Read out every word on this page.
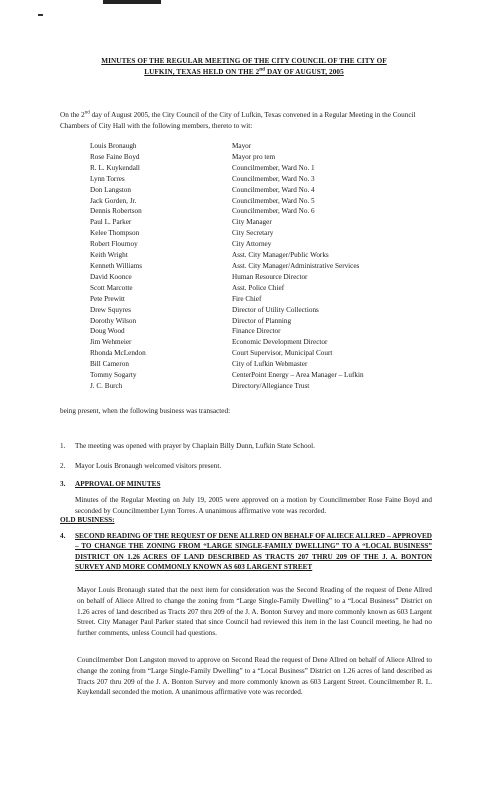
MINUTES OF THE REGULAR MEETING OF THE CITY COUNCIL OF THE CITY OF
LUFKIN, TEXAS HELD ON THE 2nd DAY OF AUGUST, 2005
On the 2nd day of August 2005, the City Council of the City of Lufkin, Texas convened in a Regular Meeting in the Council Chambers of City Hall with the following members, thereto to wit:
Louis Bronaugh	Mayor
Rose Faine Boyd	Mayor pro tem
R. L. Kuykendall	Councilmember, Ward No. 1
Lynn Torres	Councilmember, Ward No. 3
Don Langston	Councilmember, Ward No. 4
Jack Gorden, Jr.	Councilmember, Ward No. 5
Dennis Robertson	Councilmember, Ward No. 6
Paul L. Parker	City Manager
Kelee Thompson	City Secretary
Robert Flournoy	City Attorney
Keith Wright	Asst. City Manager/Public Works
Kenneth Williams	Asst. City Manager/Administrative Services
David Koonce	Human Resource Director
Scott Marcotte	Asst. Police Chief
Pete Prewitt	Fire Chief
Drew Squyres	Director of Utility Collections
Dorothy Wilson	Director of Planning
Doug Wood	Finance Director
Jim Wehmeier	Economic Development Director
Rhonda McLendon	Court Supervisor, Municipal Court
Bill Cameron	City of Lufkin Webmaster
Tommy Sogarty	CenterPoint Energy – Area Manager – Lufkin
J. C. Burch	Directory/Allegiance Trust
being present, when the following business was transacted:
1.	The meeting was opened with prayer by Chaplain Billy Dunn, Lufkin State School.
2.	Mayor Louis Bronaugh welcomed visitors present.
3.	APPROVAL OF MINUTES
Minutes of the Regular Meeting on July 19, 2005 were approved on a motion by Councilmember Rose Faine Boyd and seconded by Councilmember Lynn Torres. A unanimous affirmative vote was recorded.
OLD BUSINESS:
4.	SECOND READING OF THE REQUEST OF DENE ALLRED ON BEHALF OF ALIECE ALLRED – APPROVED – TO CHANGE THE ZONING FROM “LARGE SINGLE-FAMILY DWELLING” TO A “LOCAL BUSINESS” DISTRICT ON 1.26 ACRES OF LAND DESCRIBED AS TRACTS 207 THRU 209 OF THE J. A. BONTON SURVEY AND MORE COMMONLY KNOWN AS 603 LARGENT STREET
Mayor Louis Bronaugh stated that the next item for consideration was the Second Reading of the request of Dene Allred on behalf of Aliece Allred to change the zoning from “Large Single-Family Dwelling” to a “Local Business” District on 1.26 acres of land described as Tracts 207 thru 209 of the J. A. Bonton Survey and more commonly known as 603 Largent Street. City Manager Paul Parker stated that since Council had reviewed this item in the last Council meeting, he had no further comments, unless Council had questions.
Councilmember Don Langston moved to approve on Second Read the request of Dene Allred on behalf of Aliece Allred to change the zoning from “Large Single-Family Dwelling” to a “Local Business” District on 1.26 acres of land described as Tracts 207 thru 209 of the J. A. Bonton Survey and more commonly known as 603 Largent Street. Councilmember R. L. Kuykendall seconded the motion. A unanimous affirmative vote was recorded.
